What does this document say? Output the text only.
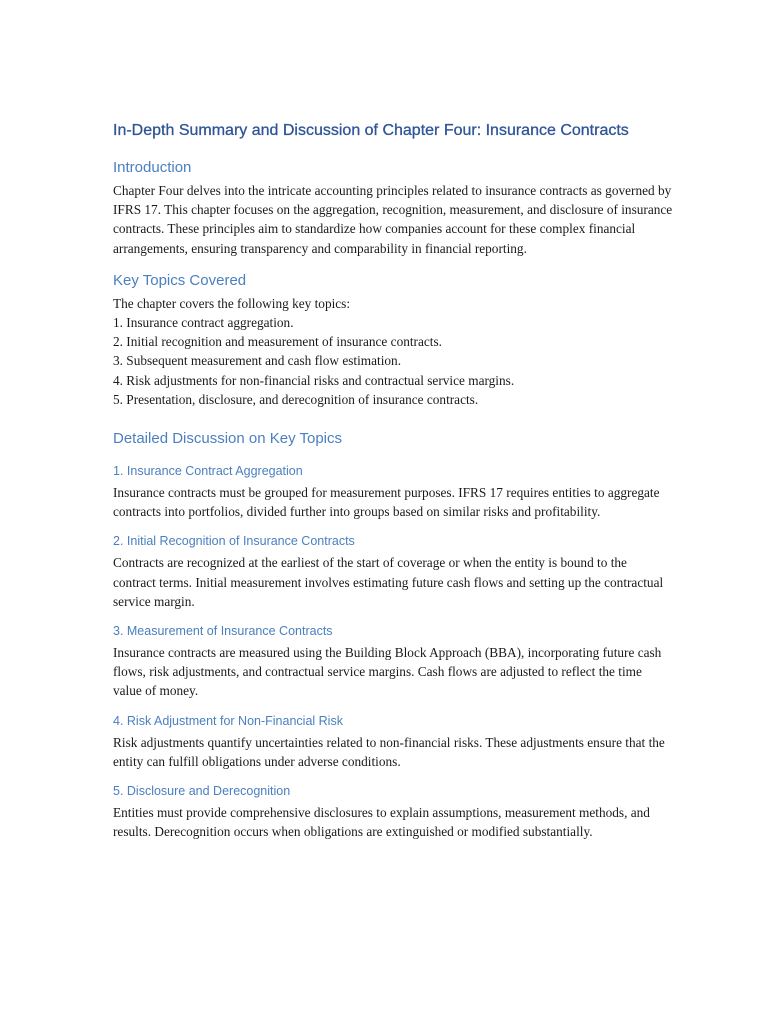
In-Depth Summary and Discussion of Chapter Four: Insurance Contracts
Introduction

Chapter Four delves into the intricate accounting principles related to insurance contracts as governed by IFRS 17. This chapter focuses on the aggregation, recognition, measurement, and disclosure of insurance contracts. These principles aim to standardize how companies account for these complex financial arrangements, ensuring transparency and comparability in financial reporting.

Key Topics Covered
The chapter covers the following key topics:
1. Insurance contract aggregation.
2. Initial recognition and measurement of insurance contracts.
3. Subsequent measurement and cash flow estimation.
4. Risk adjustments for non-financial risks and contractual service margins.
5. Presentation, disclosure, and derecognition of insurance contracts.
Detailed Discussion on Key Topics
1. Insurance Contract Aggregation

Insurance contracts must be grouped for measurement purposes. IFRS 17 requires entities to aggregate contracts into portfolios, divided further into groups based on similar risks and profitability.

2. Initial Recognition of Insurance Contracts

Contracts are recognized at the earliest of the start of coverage or when the entity is bound to the contract terms. Initial measurement involves estimating future cash flows and setting up the contractual service margin.

3. Measurement of Insurance Contracts

Insurance contracts are measured using the Building Block Approach (BBA), incorporating future cash flows, risk adjustments, and contractual service margins. Cash flows are adjusted to reflect the time value of money.

4. Risk Adjustment for Non-Financial Risk

Risk adjustments quantify uncertainties related to non-financial risks. These adjustments ensure that the entity can fulfill obligations under adverse conditions.

5. Disclosure and Derecognition

Entities must provide comprehensive disclosures to explain assumptions, measurement methods, and results. Derecognition occurs when obligations are extinguished or modified substantially.
